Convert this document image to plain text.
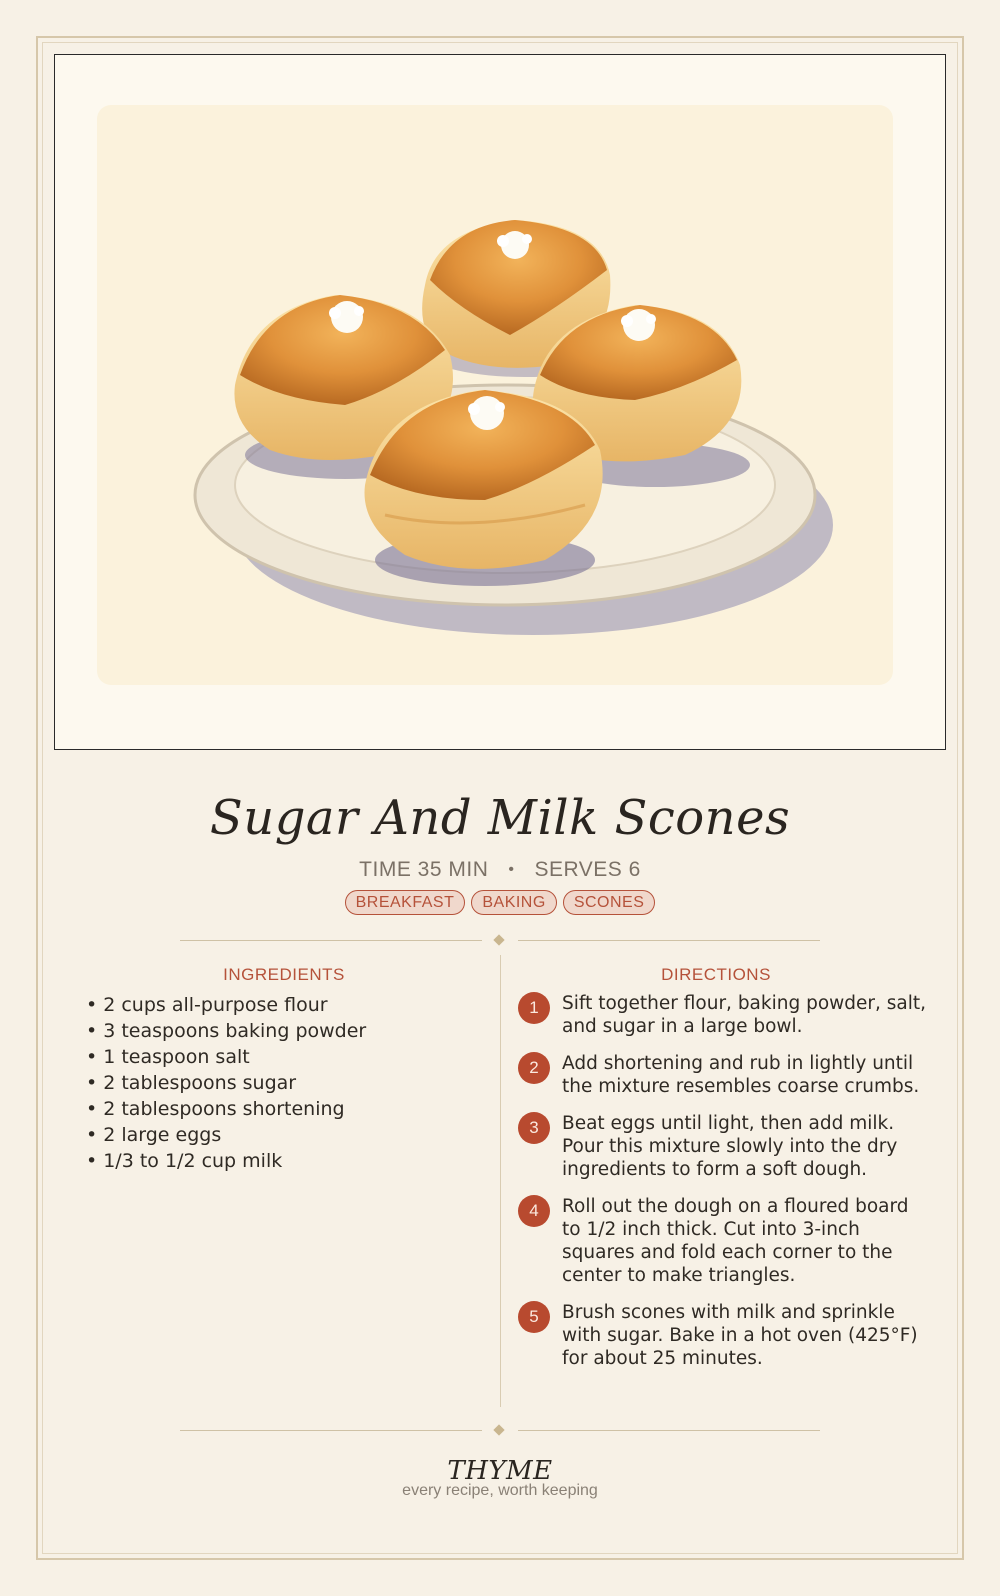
Sugar And Milk Scones
TIME 35 MIN • SERVES 6
BREAKFAST BAKING SCONES
INGREDIENTS
• 2 cups all-purpose flour
• 3 teaspoons baking powder
• 1 teaspoon salt
• 2 tablespoons sugar
• 2 tablespoons shortening
• 2 large eggs
• 1/3 to 1/2 cup milk
DIRECTIONS
1	Sift together flour, baking powder, salt, and sugar in a large bowl.
2	Add shortening and rub in lightly until the mixture resembles coarse crumbs.
3	Beat eggs until light, then add milk. Pour this mixture slowly into the dry ingredients to form a soft dough.
4	Roll out the dough on a floured board to 1/2 inch thick. Cut into 3-inch squares and fold each corner to the center to make triangles.
5	Brush scones with milk and sprinkle with sugar. Bake in a hot oven (425°F) for about 25 minutes.
THYME
every recipe, worth keeping
